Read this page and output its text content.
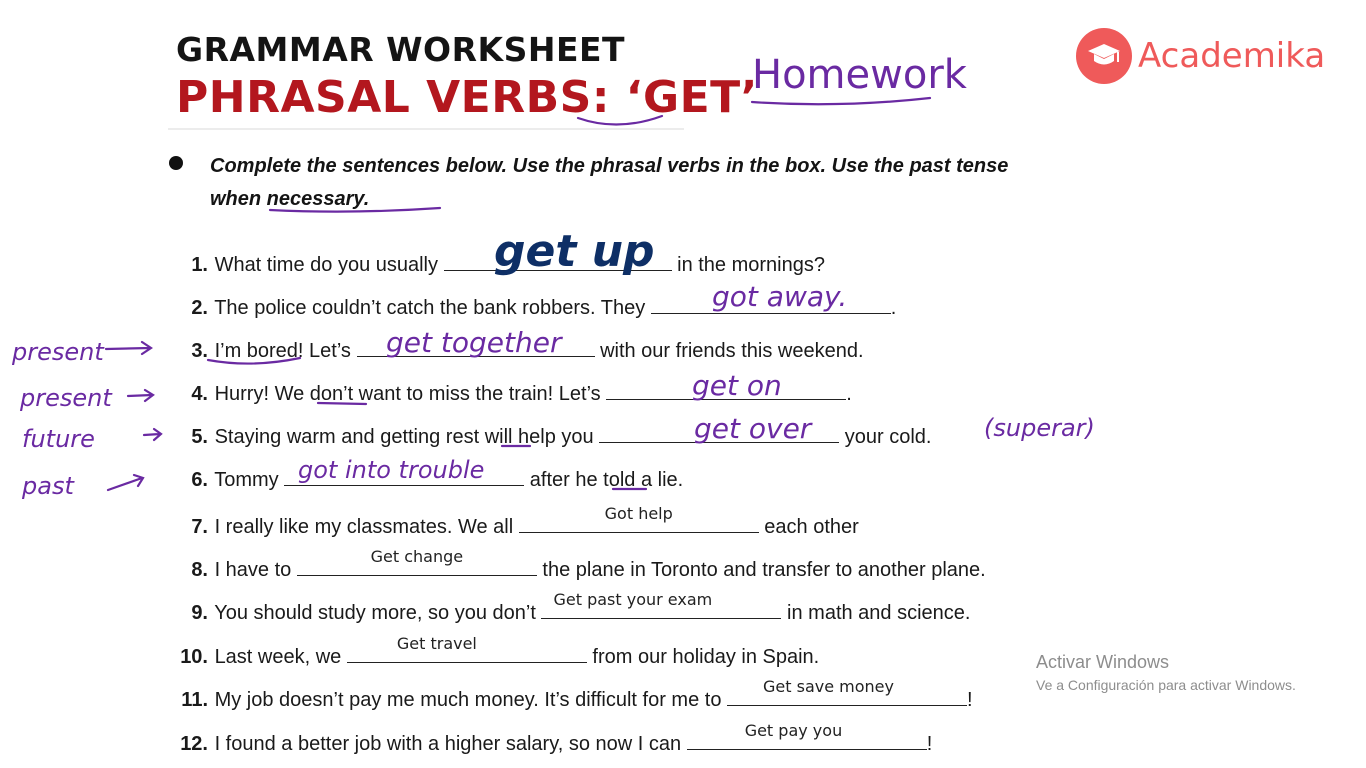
GRAMMAR WORKSHEET
PHRASAL VERBS: ‘GET’
Homework	Academika
Complete the sentences below. Use the phrasal verbs in the box. Use the past tense when necessary.
1. What time do you usually	in the mornings?
2. The police couldn’t catch the bank robbers. They	.
3. I’m bored! Let’s	with our friends this weekend.
4. Hurry! We don’t want to miss the train! Let’s	.
5. Staying warm and getting rest will help you	your cold.
6. Tommy	after he told a lie.
7. I really like my classmates. We all
Got help
each other
8. I have to
Get change
the plane in Toronto and transfer to another plane.
9. You should study more, so you don’t
Get past your exam
in math and science.
10. Last week, we
Get travel
from our holiday in Spain.
11. My job doesn’t pay me much money. It’s difficult for me to
Get save money
!
12. I found a better job with a higher salary, so now I can
Get pay you
!
get up
got away.
get together
get on
get over
got into trouble
present
present
future
past
(superar)
Activar Windows
Ve a Configuración para activar Windows.
